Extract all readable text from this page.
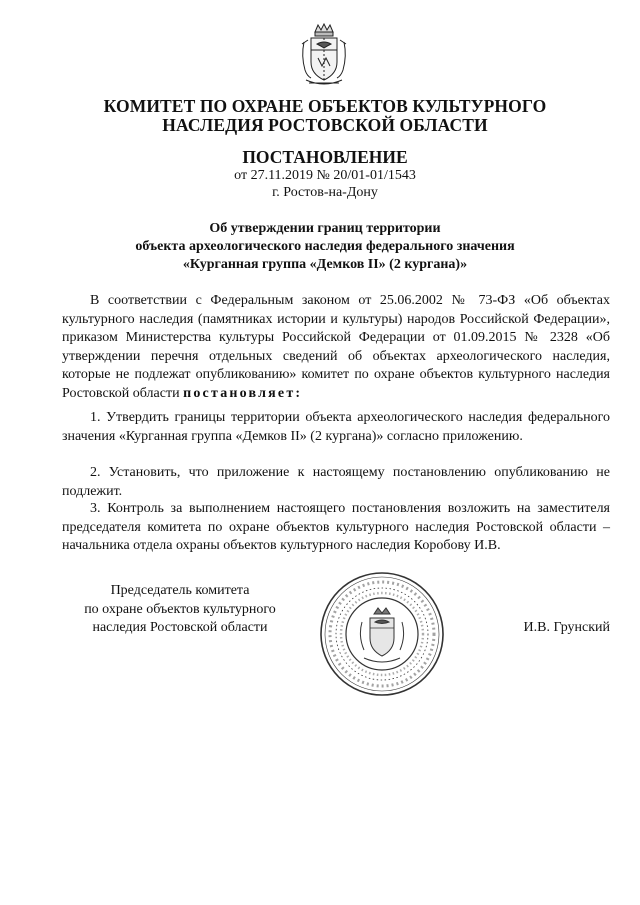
КОМИТЕТ ПО ОХРАНЕ ОБЪЕКТОВ КУЛЬТУРНОГО
НАСЛЕДИЯ РОСТОВСКОЙ ОБЛАСТИ
ПОСТАНОВЛЕНИЕ
от 27.11.2019 № 20/01-01/1543
г. Ростов-на-Дону
Об утверждении границ территории
объекта археологического наследия федерального значения
«Курганная группа «Демков II» (2 кургана)»

В соответствии с Федеральным законом от 25.06.2002 № 73-ФЗ «Об объектах культурного наследия (памятниках истории и культуры) народов Российской Федерации», приказом Министерства культуры Российской Федерации от 01.09.2015 № 2328 «Об утверждении перечня отдельных сведений об объектах археологического наследия, которые не подлежат опубликованию» комитет по охране объектов культурного наследия Ростовской области постановляет:

1. Утвердить границы территории объекта археологического наследия федерального значения «Курганная группа «Демков II» (2 кургана)» согласно приложению.

2. Установить, что приложение к настоящему постановлению опубликованию не подлежит.

3. Контроль за выполнением настоящего постановления возложить на заместителя председателя комитета по охране объектов культурного наследия Ростовской области – начальника отдела охраны объектов культурного наследия Коробову И.В.

Председатель комитета
по охране объектов культурного
наследия Ростовской области	И.В. Грунский
